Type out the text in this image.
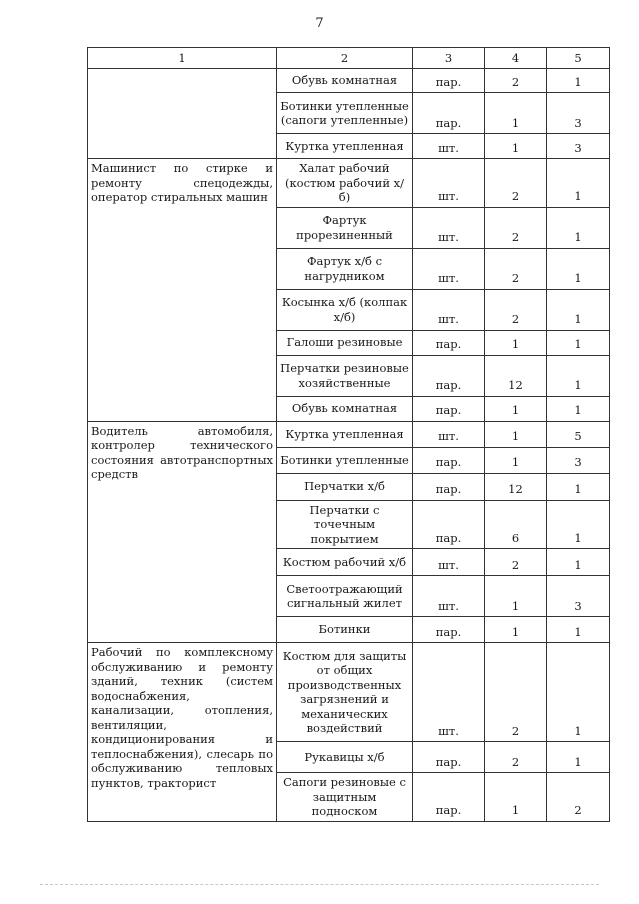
7
1	2	3	4	5
	Обувь комнатная	пар.	2	1
	Ботинки утепленные (сапоги утепленные)	пар.	1	3
	Куртка утепленная	шт.	1	3
Машинист по стирке и ремонту спецодежды, оператор стиральных машин	Халат рабочий (костюм рабочий х/б)	шт.	2	1
	Фартук прорезиненный	шт.	2	1
	Фартук х/б с нагрудником	шт.	2	1
	Косынка х/б (колпак х/б)	шт.	2	1
	Галоши резиновые	пар.	1	1
	Перчатки резиновые хозяйственные	пар.	12	1
	Обувь комнатная	пар.	1	1
Водитель автомобиля, контролер технического состояния автотранспортных средств	Куртка утепленная	шт.	1	5
	Ботинки утепленные	пар.	1	3
	Перчатки х/б	пар.	12	1
	Перчатки с точечным покрытием	пар.	6	1
	Костюм рабочий х/б	шт.	2	1
	Светоотражающий сигнальный жилет	шт.	1	3
	Ботинки	пар.	1	1
Рабочий по комплексному обслуживанию и ремонту зданий, техник (систем водоснабжения, канализации, отопления, вентиляции, кондиционирования и теплоснабжения), слесарь по обслуживанию тепловых пунктов, тракторист	Костюм для защиты от общих производственных загрязнений и механических воздействий	шт.	2	1
	Рукавицы х/б	пар.	2	1
	Сапоги резиновые с защитным подноском	пар.	1	2
